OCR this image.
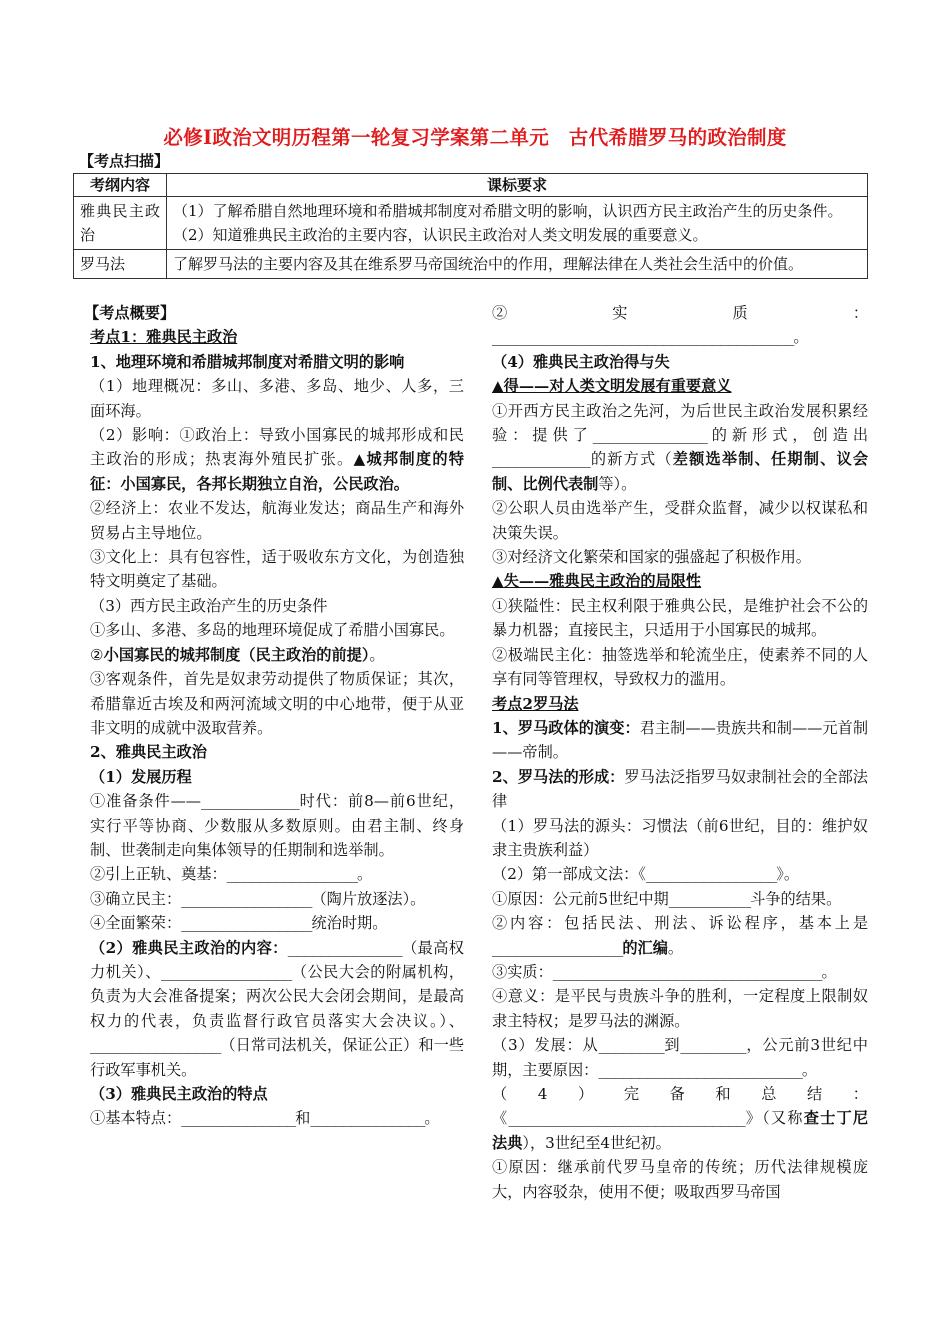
必修Ⅰ政治文明历程第一轮复习学案第二单元　古代希腊罗马的政治制度
【考点扫描】
考纲内容	课标要求
雅典民主政治	（1）了解希腊自然地理环境和希腊城邦制度对希腊文明的影响，认识西方民主政治产生的历史条件。（2）知道雅典民主政治的主要内容，认识民主政治对人类文明发展的重要意义。
罗马法	了解罗马法的主要内容及其在维系罗马帝国统治中的作用，理解法律在人类社会生活中的价值。

【考点概要】

考点1：雅典民主政治

1、地理环境和希腊城邦制度对希腊文明的影响

（1）地理概况：多山、多港、多岛、地少、人多，三面环海。

（2）影响：①政治上：导致小国寡民的城邦形成和民主政治的形成；热衷海外殖民扩张。▲城邦制度的特征：小国寡民，各邦长期独立自治，公民政治。

②经济上：农业不发达，航海业发达；商品生产和海外贸易占主导地位。

③文化上：具有包容性，适于吸收东方文化，为创造独特文明奠定了基础。

（3）西方民主政治产生的历史条件

①多山、多港、多岛的地理环境促成了希腊小国寡民。

②小国寡民的城邦制度（民主政治的前提）。

③客观条件，首先是奴隶劳动提供了物质保证；其次，希腊靠近古埃及和两河流域文明的中心地带，便于从亚非文明的成就中汲取营养。

2、雅典民主政治

（1）发展历程

①准备条件——____________时代：前8—前6世纪，实行平等协商、少数服从多数原则。由君主制、终身制、世袭制走向集体领导的任期制和选举制。

②引上正轨、奠基：________________。

③确立民主：________________（陶片放逐法）。

④全面繁荣：________________统治时期。

（2）雅典民主政治的内容：______________（最高权力机关）、________________（公民大会的附属机构，负责为大会准备提案；两次公民大会闭会期间，是最高权力的代表，负责监督行政官员落实大会决议。）、________________（日常司法机关，保证公正）和一些行政军事机关。

（3）雅典民主政治的特点

①基本特点：______________和______________。

②实质：_____________________________________。

（4）雅典民主政治得与失

▲得——对人类文明发展有重要意义

①开西方民主政治之先河，为后世民主政治发展积累经验：提供了______________的新形式，创造出____________的新方式（差额选举制、任期制、议会制、比例代表制等）。

②公职人员由选举产生，受群众监督，减少以权谋私和决策失误。

③对经济文化繁荣和国家的强盛起了积极作用。

▲失——雅典民主政治的局限性

①狭隘性：民主权利限于雅典公民，是维护社会不公的暴力机器；直接民主，只适用于小国寡民的城邦。

②极端民主化：抽签选举和轮流坐庄，使素养不同的人享有同等管理权，导致权力的滥用。

考点2罗马法

1、罗马政体的演变：君主制——贵族共和制——元首制——帝制。

2、罗马法的形成：罗马法泛指罗马奴隶制社会的全部法律

（1）罗马法的源头：习惯法（前6世纪，目的：维护奴隶主贵族利益）

（2）第一部成文法：《________________》。

①原因：公元前5世纪中期__________斗争的结果。

②内容：包括民法、刑法、诉讼程序，基本上是________________的汇编。

③实质：_________________________________。

④意义：是平民与贵族斗争的胜利，一定程度上限制奴隶主特权；是罗马法的渊源。

（3）发展：从________到________，公元前3世纪中期，主要原因：_________________________。

（4）完备和总结：《_____________________________》（又称查士丁尼法典），3世纪至4世纪初。

①原因：继承前代罗马皇帝的传统；历代法律规模庞大，内容驳杂，使用不便；吸取西罗马帝国
